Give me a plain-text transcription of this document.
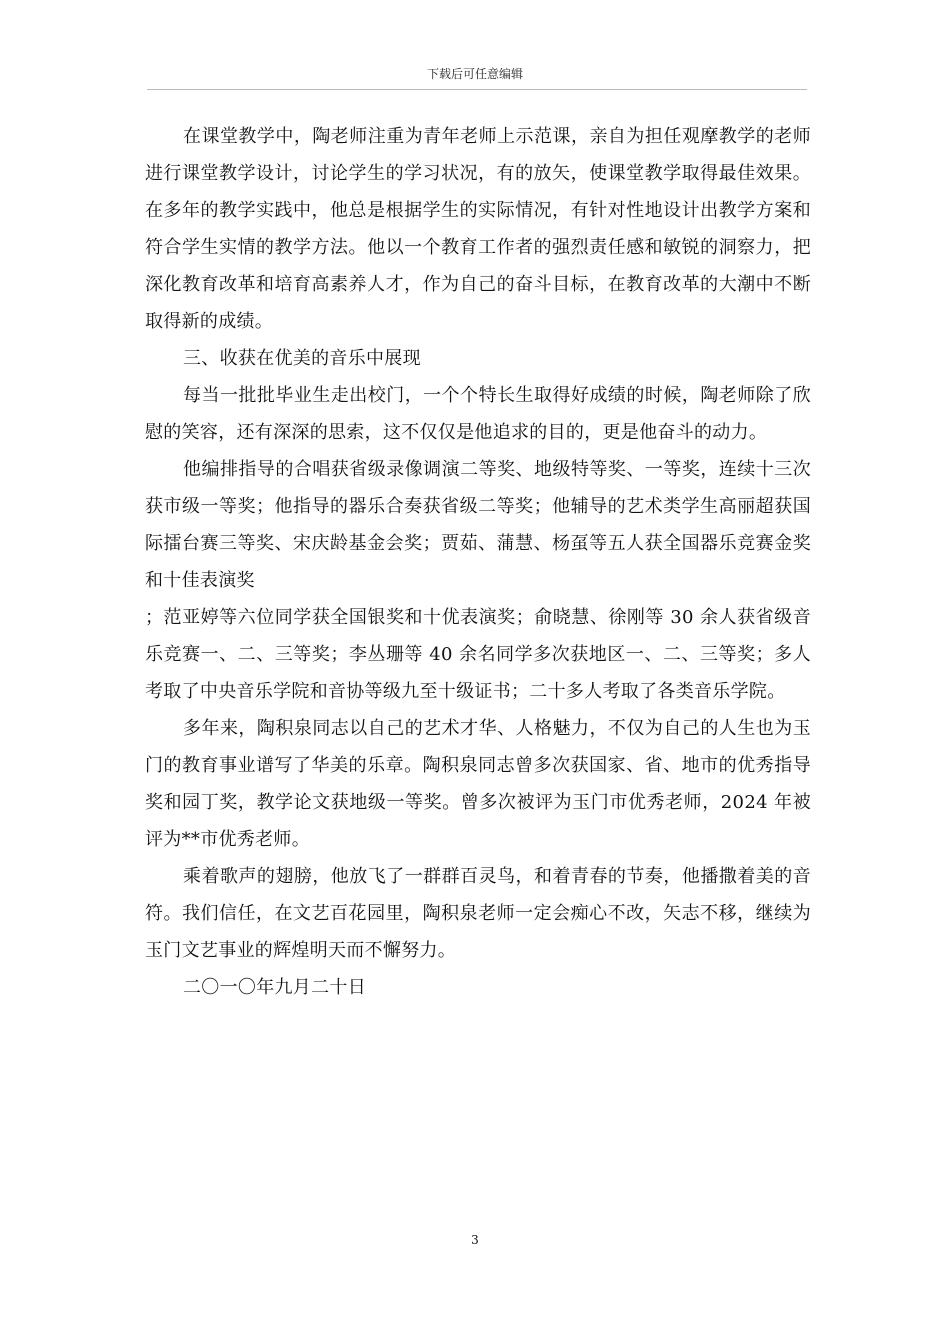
下载后可任意编辑

在课堂教学中，陶老师注重为青年老师上示范课，亲自为担任观摩教学的老师进行课堂教学设计，讨论学生的学习状况，有的放矢，使课堂教学取得最佳效果。在多年的教学实践中，他总是根据学生的实际情况，有针对性地设计出教学方案和符合学生实情的教学方法。他以一个教育工作者的强烈责任感和敏锐的洞察力，把深化教育改革和培育高素养人才，作为自己的奋斗目标，在教育改革的大潮中不断取得新的成绩。

三、收获在优美的音乐中展现

每当一批批毕业生走出校门，一个个特长生取得好成绩的时候，陶老师除了欣慰的笑容，还有深深的思索，这不仅仅是他追求的目的，更是他奋斗的动力。

他编排指导的合唱获省级录像调演二等奖、地级特等奖、一等奖，连续十三次获市级一等奖；他指导的器乐合奏获省级二等奖；他辅导的艺术类学生高丽超获国际擂台赛三等奖、宋庆龄基金会奖；贾茹、蒲慧、杨虿等五人获全国器乐竞赛金奖和十佳表演奖

；范亚婷等六位同学获全国银奖和十优表演奖；俞晓慧、徐刚等 30 余人获省级音乐竞赛一、二、三等奖；李丛珊等 40 余名同学多次获地区一、二、三等奖；多人考取了中央音乐学院和音协等级九至十级证书；二十多人考取了各类音乐学院。

多年来，陶积泉同志以自己的艺术才华、人格魅力，不仅为自己的人生也为玉门的教育事业谱写了华美的乐章。陶积泉同志曾多次获国家、省、地市的优秀指导奖和园丁奖，教学论文获地级一等奖。曾多次被评为玉门市优秀老师，2024 年被评为**市优秀老师。

乘着歌声的翅膀，他放飞了一群群百灵鸟，和着青春的节奏，他播撒着美的音符。我们信任，在文艺百花园里，陶积泉老师一定会痴心不改，矢志不移，继续为玉门文艺事业的辉煌明天而不懈努力。

二〇一〇年九月二十日

3
